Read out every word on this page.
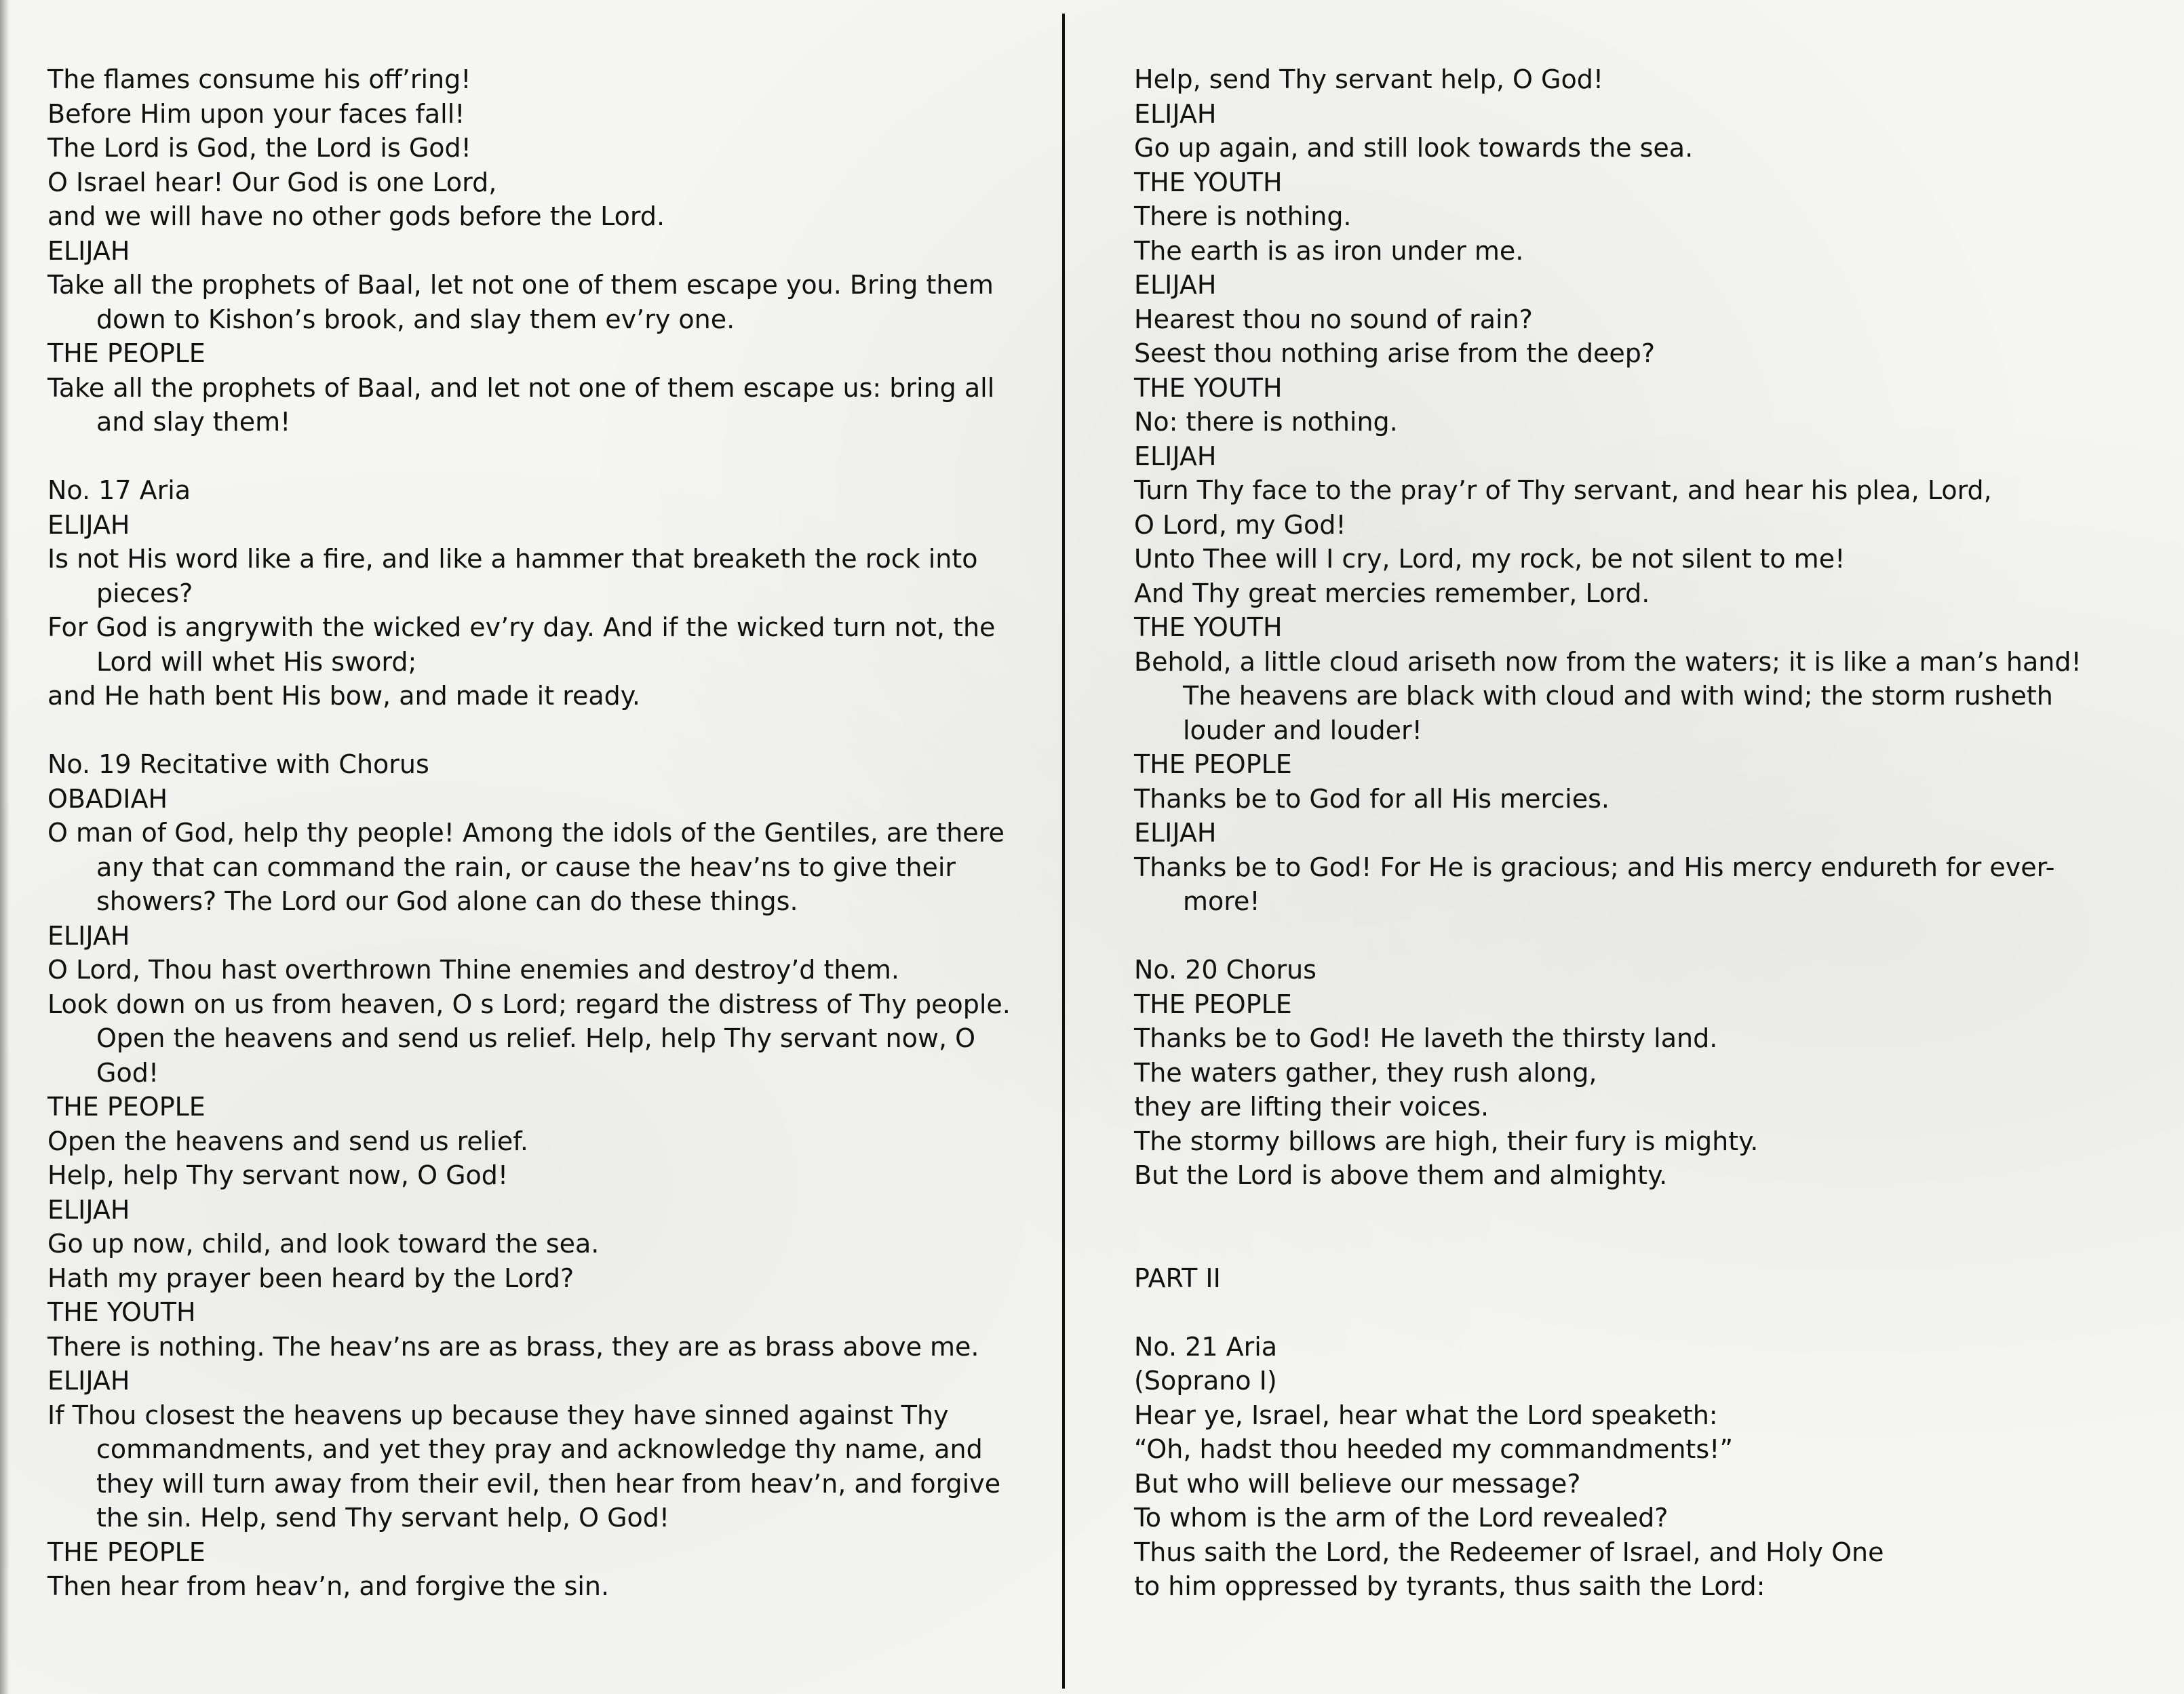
The flames consume his off’ring!
Before Him upon your faces fall!
The Lord is God, the Lord is God!
O Israel hear! Our God is one Lord,
and we will have no other gods before the Lord.
ELIJAH
Take all the prophets of Baal, let not one of them escape you. Bring them
down to Kishon’s brook, and slay them ev’ry one.
THE PEOPLE
Take all the prophets of Baal, and let not one of them escape us: bring all
and slay them!
No. 17 Aria
ELIJAH
Is not His word like a fire, and like a hammer that breaketh the rock into
pieces?
For God is angrywith the wicked ev’ry day. And if the wicked turn not, the
Lord will whet His sword;
and He hath bent His bow, and made it ready.
No. 19 Recitative with Chorus
OBADIAH
O man of God, help thy people! Among the idols of the Gentiles, are there
any that can command the rain, or cause the heav’ns to give their
showers? The Lord our God alone can do these things.
ELIJAH
O Lord, Thou hast overthrown Thine enemies and destroy’d them.
Look down on us from heaven, O s Lord; regard the distress of Thy people.
Open the heavens and send us relief. Help, help Thy servant now, O
God!
THE PEOPLE
Open the heavens and send us relief.
Help, help Thy servant now, O God!
ELIJAH
Go up now, child, and look toward the sea.
Hath my prayer been heard by the Lord?
THE YOUTH
There is nothing. The heav’ns are as brass, they are as brass above me.
ELIJAH
If Thou closest the heavens up because they have sinned against Thy
commandments, and yet they pray and acknowledge thy name, and
they will turn away from their evil, then hear from heav’n, and forgive
the sin. Help, send Thy servant help, O God!
THE PEOPLE
Then hear from heav’n, and forgive the sin.
Help, send Thy servant help, O God!
ELIJAH
Go up again, and still look towards the sea.
THE YOUTH
There is nothing.
The earth is as iron under me.
ELIJAH
Hearest thou no sound of rain?
Seest thou nothing arise from the deep?
THE YOUTH
No: there is nothing.
ELIJAH
Turn Thy face to the pray’r of Thy servant, and hear his plea, Lord,
O Lord, my God!
Unto Thee will I cry, Lord, my rock, be not silent to me!
And Thy great mercies remember, Lord.
THE YOUTH
Behold, a little cloud ariseth now from the waters; it is like a man’s hand!
The heavens are black with cloud and with wind; the storm rusheth
louder and louder!
THE PEOPLE
Thanks be to God for all His mercies.
ELIJAH
Thanks be to God! For He is gracious; and His mercy endureth for ever-
more!
No. 20 Chorus
THE PEOPLE
Thanks be to God! He laveth the thirsty land.
The waters gather, they rush along,
they are lifting their voices.
The stormy billows are high, their fury is mighty.
But the Lord is above them and almighty.
PART II
No. 21 Aria
(Soprano I)
Hear ye, Israel, hear what the Lord speaketh:
“Oh, hadst thou heeded my commandments!”
But who will believe our message?
To whom is the arm of the Lord revealed?
Thus saith the Lord, the Redeemer of Israel, and Holy One
to him oppressed by tyrants, thus saith the Lord:
